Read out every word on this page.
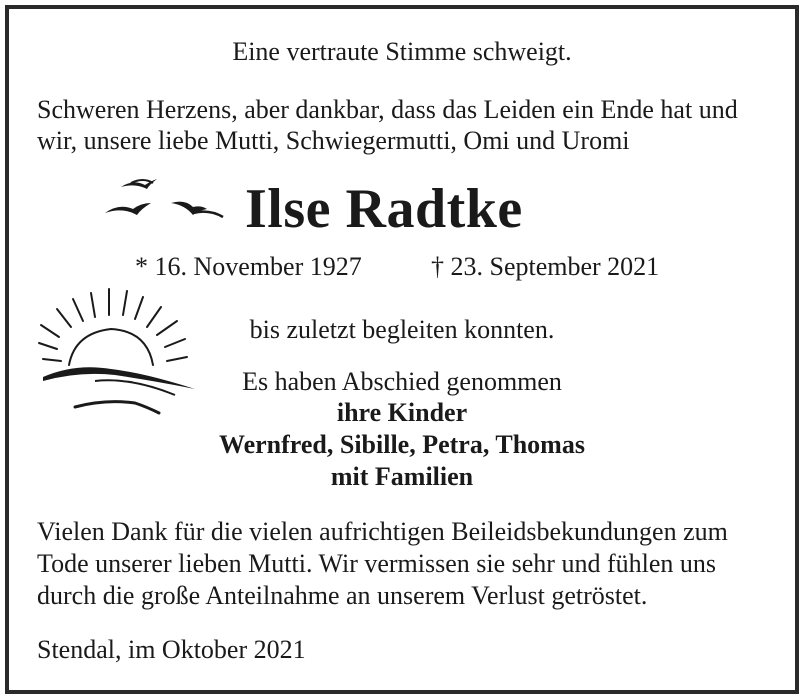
Eine vertraute Stimme schweigt.
Schweren Herzens, aber dankbar, dass das Leiden ein Ende hat und
wir, unsere liebe Mutti, Schwiegermutti, Omi und Uromi
Ilse Radtke
* 16. November 1927	† 23. September 2021
bis zuletzt begleiten konnten.
Es haben Abschied genommen
ihre Kinder
Wernfred, Sibille, Petra, Thomas
mit Familien
Vielen Dank für die vielen aufrichtigen Beileidsbekundungen zum
Tode unserer lieben Mutti. Wir vermissen sie sehr und fühlen uns
durch die große Anteilnahme an unserem Verlust getröstet.
Stendal, im Oktober 2021
